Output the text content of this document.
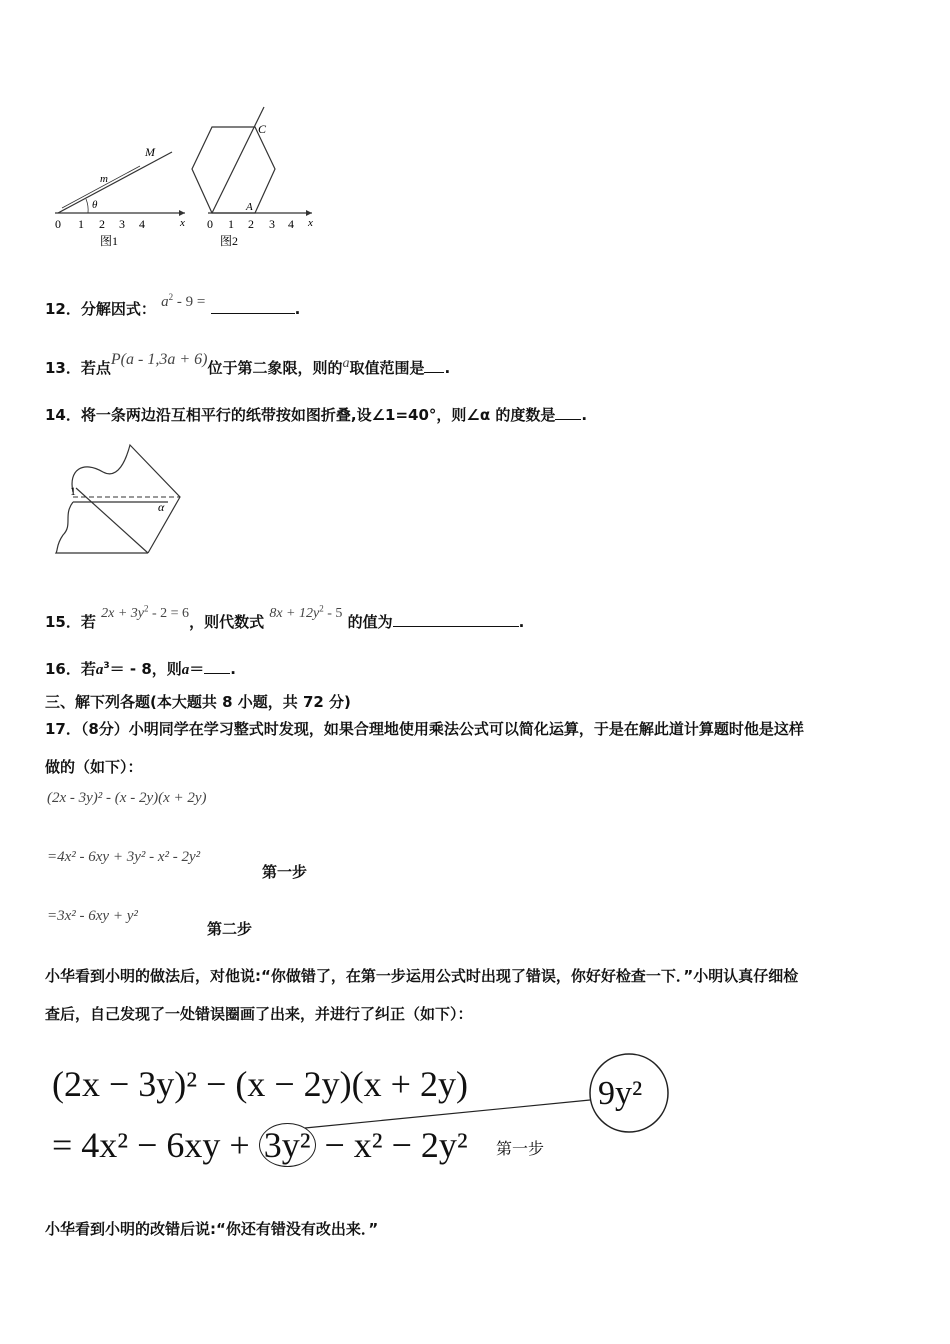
θ
m
M
0 1 2 3 4	x
图1
C
A
0 1 2 3 4 x
图2
12．分解因式： $a^2 - 9$ =	.
13．若点P(a - 1,3a + 6)位于第二象限，则的a取值范围是 .
14．将一条两边沿互相平行的纸带按如图折叠,设∠1=40°，则∠α 的度数是 .
1
α
15．若 $2x + 3y^2 - 2 = 6$，则代数式 $8x + 12y^2 - 5$ 的值为	.
16．若$a^3= - 8$，则a＝ .
三、解下列各题(本大题共 8 小题，共 72 分)
17．（8分）小明同学在学习整式时发现，如果合理地使用乘法公式可以简化运算，于是在解此道计算题时他是这样
做的（如下）：
(2x - 3y)² - (x - 2y)(x + 2y)
=4x² - 6xy + 3y² - x² - 2y²
第一步
=3x² - 6xy + y²
第二步
小华看到小明的做法后，对他说:“你做错了，在第一步运用公式时出现了错误，你好好检查一下．”小明认真仔细检
查后，自己发现了一处错误圈画了出来，并进行了纠正（如下）：
(2x − 3y)² − (x − 2y)(x + 2y)
= 4x² − 6xy + 3y² − x² − 2y² 第一步
9y²
小华看到小明的改错后说:“你还有错没有改出来．”
